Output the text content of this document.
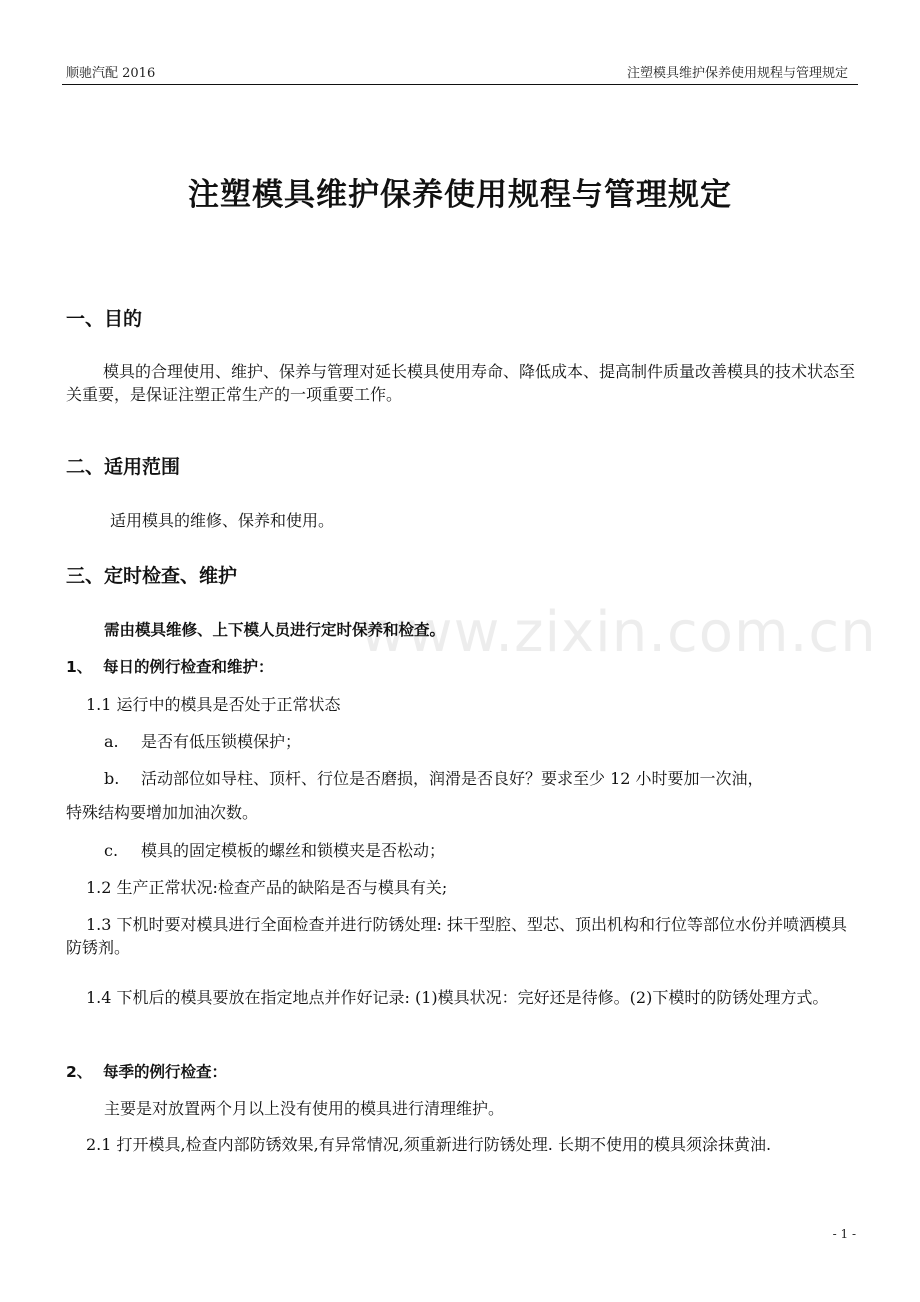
顺驰汽配 2016	注塑模具维护保养使用规程与管理规定
注塑模具维护保养使用规程与管理规定
一、目的
模具的合理使用、维护、保养与管理对延长模具使用寿命、降低成本、提高制件质量改善模具的技术状态至关重要，是保证注塑正常生产的一项重要工作。
二、适用范围
适用模具的维修、保养和使用。
三、定时检查、维护
需由模具维修、上下模人员进行定时保养和检查。
1、 每日的例行检查和维护：
1.1 运行中的模具是否处于正常状态
a. 是否有低压锁模保护；
b. 活动部位如导柱、顶杆、行位是否磨损，润滑是否良好？要求至少 12 小时要加一次油，
特殊结构要增加加油次数。
c. 模具的固定模板的螺丝和锁模夹是否松动；
1.2 生产正常状况:检查产品的缺陷是否与模具有关;
1.3 下机时要对模具进行全面检查并进行防锈处理: 抹干型腔、型芯、顶出机构和行位等部位水份并喷洒模具防锈剂。
1.4 下机后的模具要放在指定地点并作好记录: (1)模具状况：完好还是待修。(2)下模时的防锈处理方式。
2、 每季的例行检查：
主要是对放置两个月以上没有使用的模具进行清理维护。
2.1 打开模具,检查内部防锈效果,有异常情况,须重新进行防锈处理. 长期不使用的模具须涂抹黄油.
www.zixin.com.cn
- 1 -
